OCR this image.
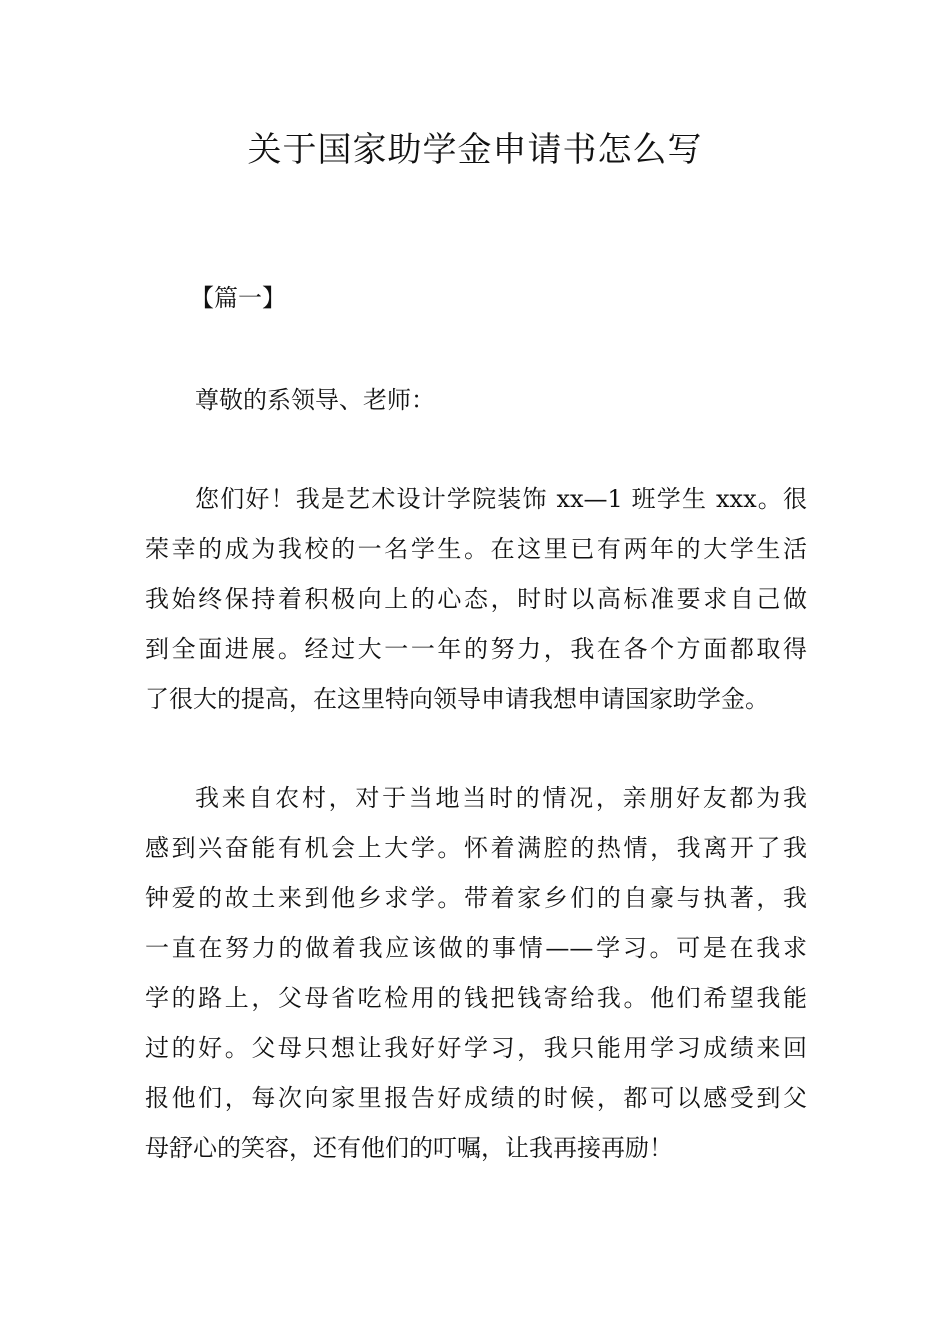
关于国家助学金申请书怎么写
【篇一】
尊敬的系领导、老师：
您们好！我是艺术设计学院装饰 xx—1 班学生 xxx。很
荣幸的成为我校的一名学生。在这里已有两年的大学生活
我始终保持着积极向上的心态，时时以高标准要求自己做
到全面进展。经过大一一年的努力，我在各个方面都取得
了很大的提高，在这里特向领导申请我想申请国家助学金。
我来自农村，对于当地当时的情况，亲朋好友都为我
感到兴奋能有机会上大学。怀着满腔的热情，我离开了我
钟爱的故土来到他乡求学。带着家乡们的自豪与执著，我
一直在努力的做着我应该做的事情——学习。可是在我求
学的路上，父母省吃检用的钱把钱寄给我。他们希望我能
过的好。父母只想让我好好学习，我只能用学习成绩来回
报他们，每次向家里报告好成绩的时候，都可以感受到父
母舒心的笑容，还有他们的叮嘱，让我再接再励！
